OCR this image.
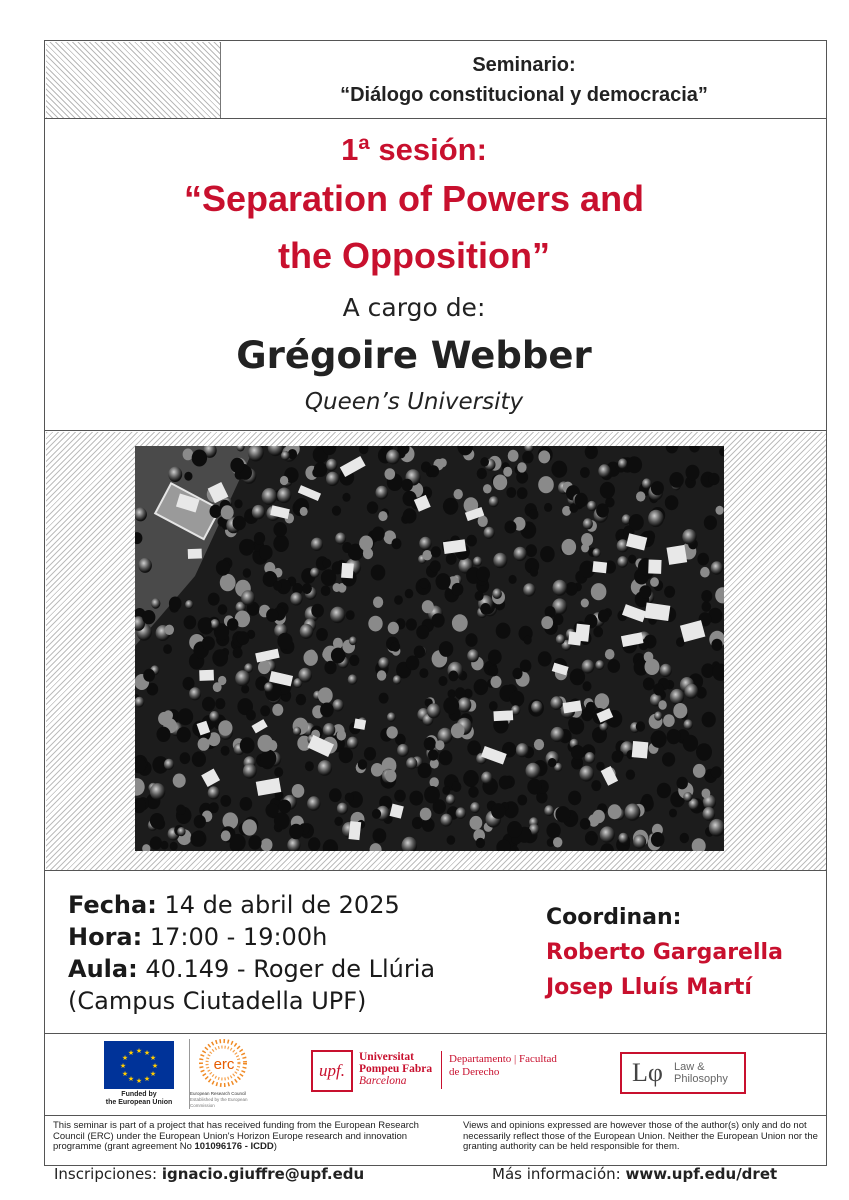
Seminario:
“Diálogo constitucional y democracia”
1ª sesión:
“Separation of Powers and
the Opposition”
A cargo de:
Grégoire Webber
Queen’s University
Fecha: 14 de abril de 2025
Hora: 17:00 - 19:00h
Aula: 40.149 - Roger de Llúria
(Campus Ciutadella UPF)
Coordinan:
Roberto Gargarella
Josep Lluís Martí
★ ★
★
★
★
★
★
★
★
★
★
★
Funded by
the European Union
erc
European Research Council
Established by the European Commission
upf.
Universitat
Pompeu Fabra
Barcelona
Departamento | Facultad
de Derecho	Lφ Law &
Philosophy
This seminar is part of a project that has received funding from the European Research Council (ERC) under the European Union's Horizon Europe research and innovation programme (grant agreement No 101096176 - ICDD)
Views and opinions expressed are however those of the author(s) only and do not necessarily reflect those of the European Union. Neither the European Union nor the granting authority can be held responsible for them.
Inscripciones: ignacio.giuffre@upf.edu	Más información: www.upf.edu/dret
